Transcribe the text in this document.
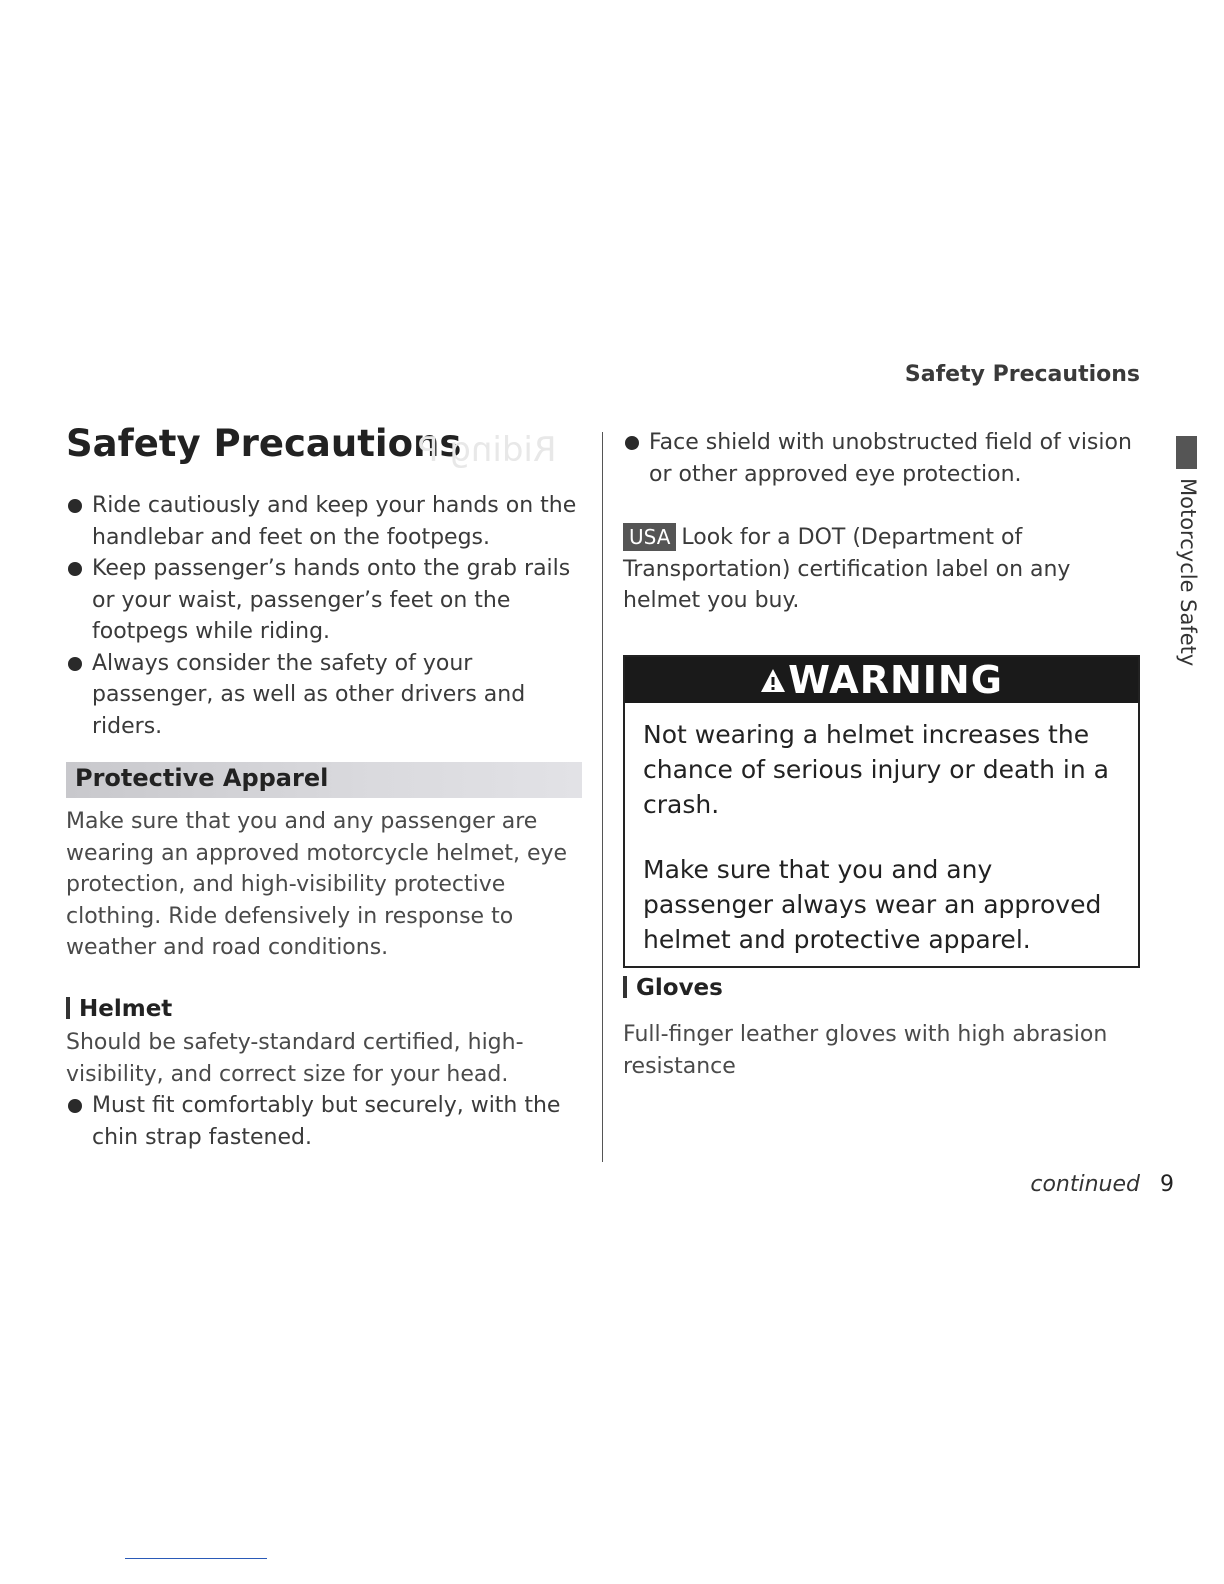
Safety Precautions
Safety Precautions
Riding P
Ride cautiously and keep your hands on the handlebar and feet on the footpegs.
Keep passenger’s hands onto the grab rails or your waist, passenger’s feet on the footpegs while riding.
Always consider the safety of your passenger, as well as other drivers and riders.
Protective Apparel

Make sure that you and any passenger are wearing an approved motorcycle helmet, eye protection, and high-visibility protective clothing. Ride defensively in response to weather and road conditions.

Helmet

Should be safety-standard certified, high-visibility, and correct size for your head.

Must fit comfortably but securely, with the chin strap fastened.
Face shield with unobstructed field of vision or other approved eye protection.

USA Look for a DOT (Department of Transportation) certification label on any helmet you buy.

WARNING

Not wearing a helmet increases the chance of serious injury or death in a crash.

Make sure that you and any passenger always wear an approved helmet and protective apparel.

Gloves

Full-finger leather gloves with high abrasion resistance

Motorcycle Safety
continued 9
